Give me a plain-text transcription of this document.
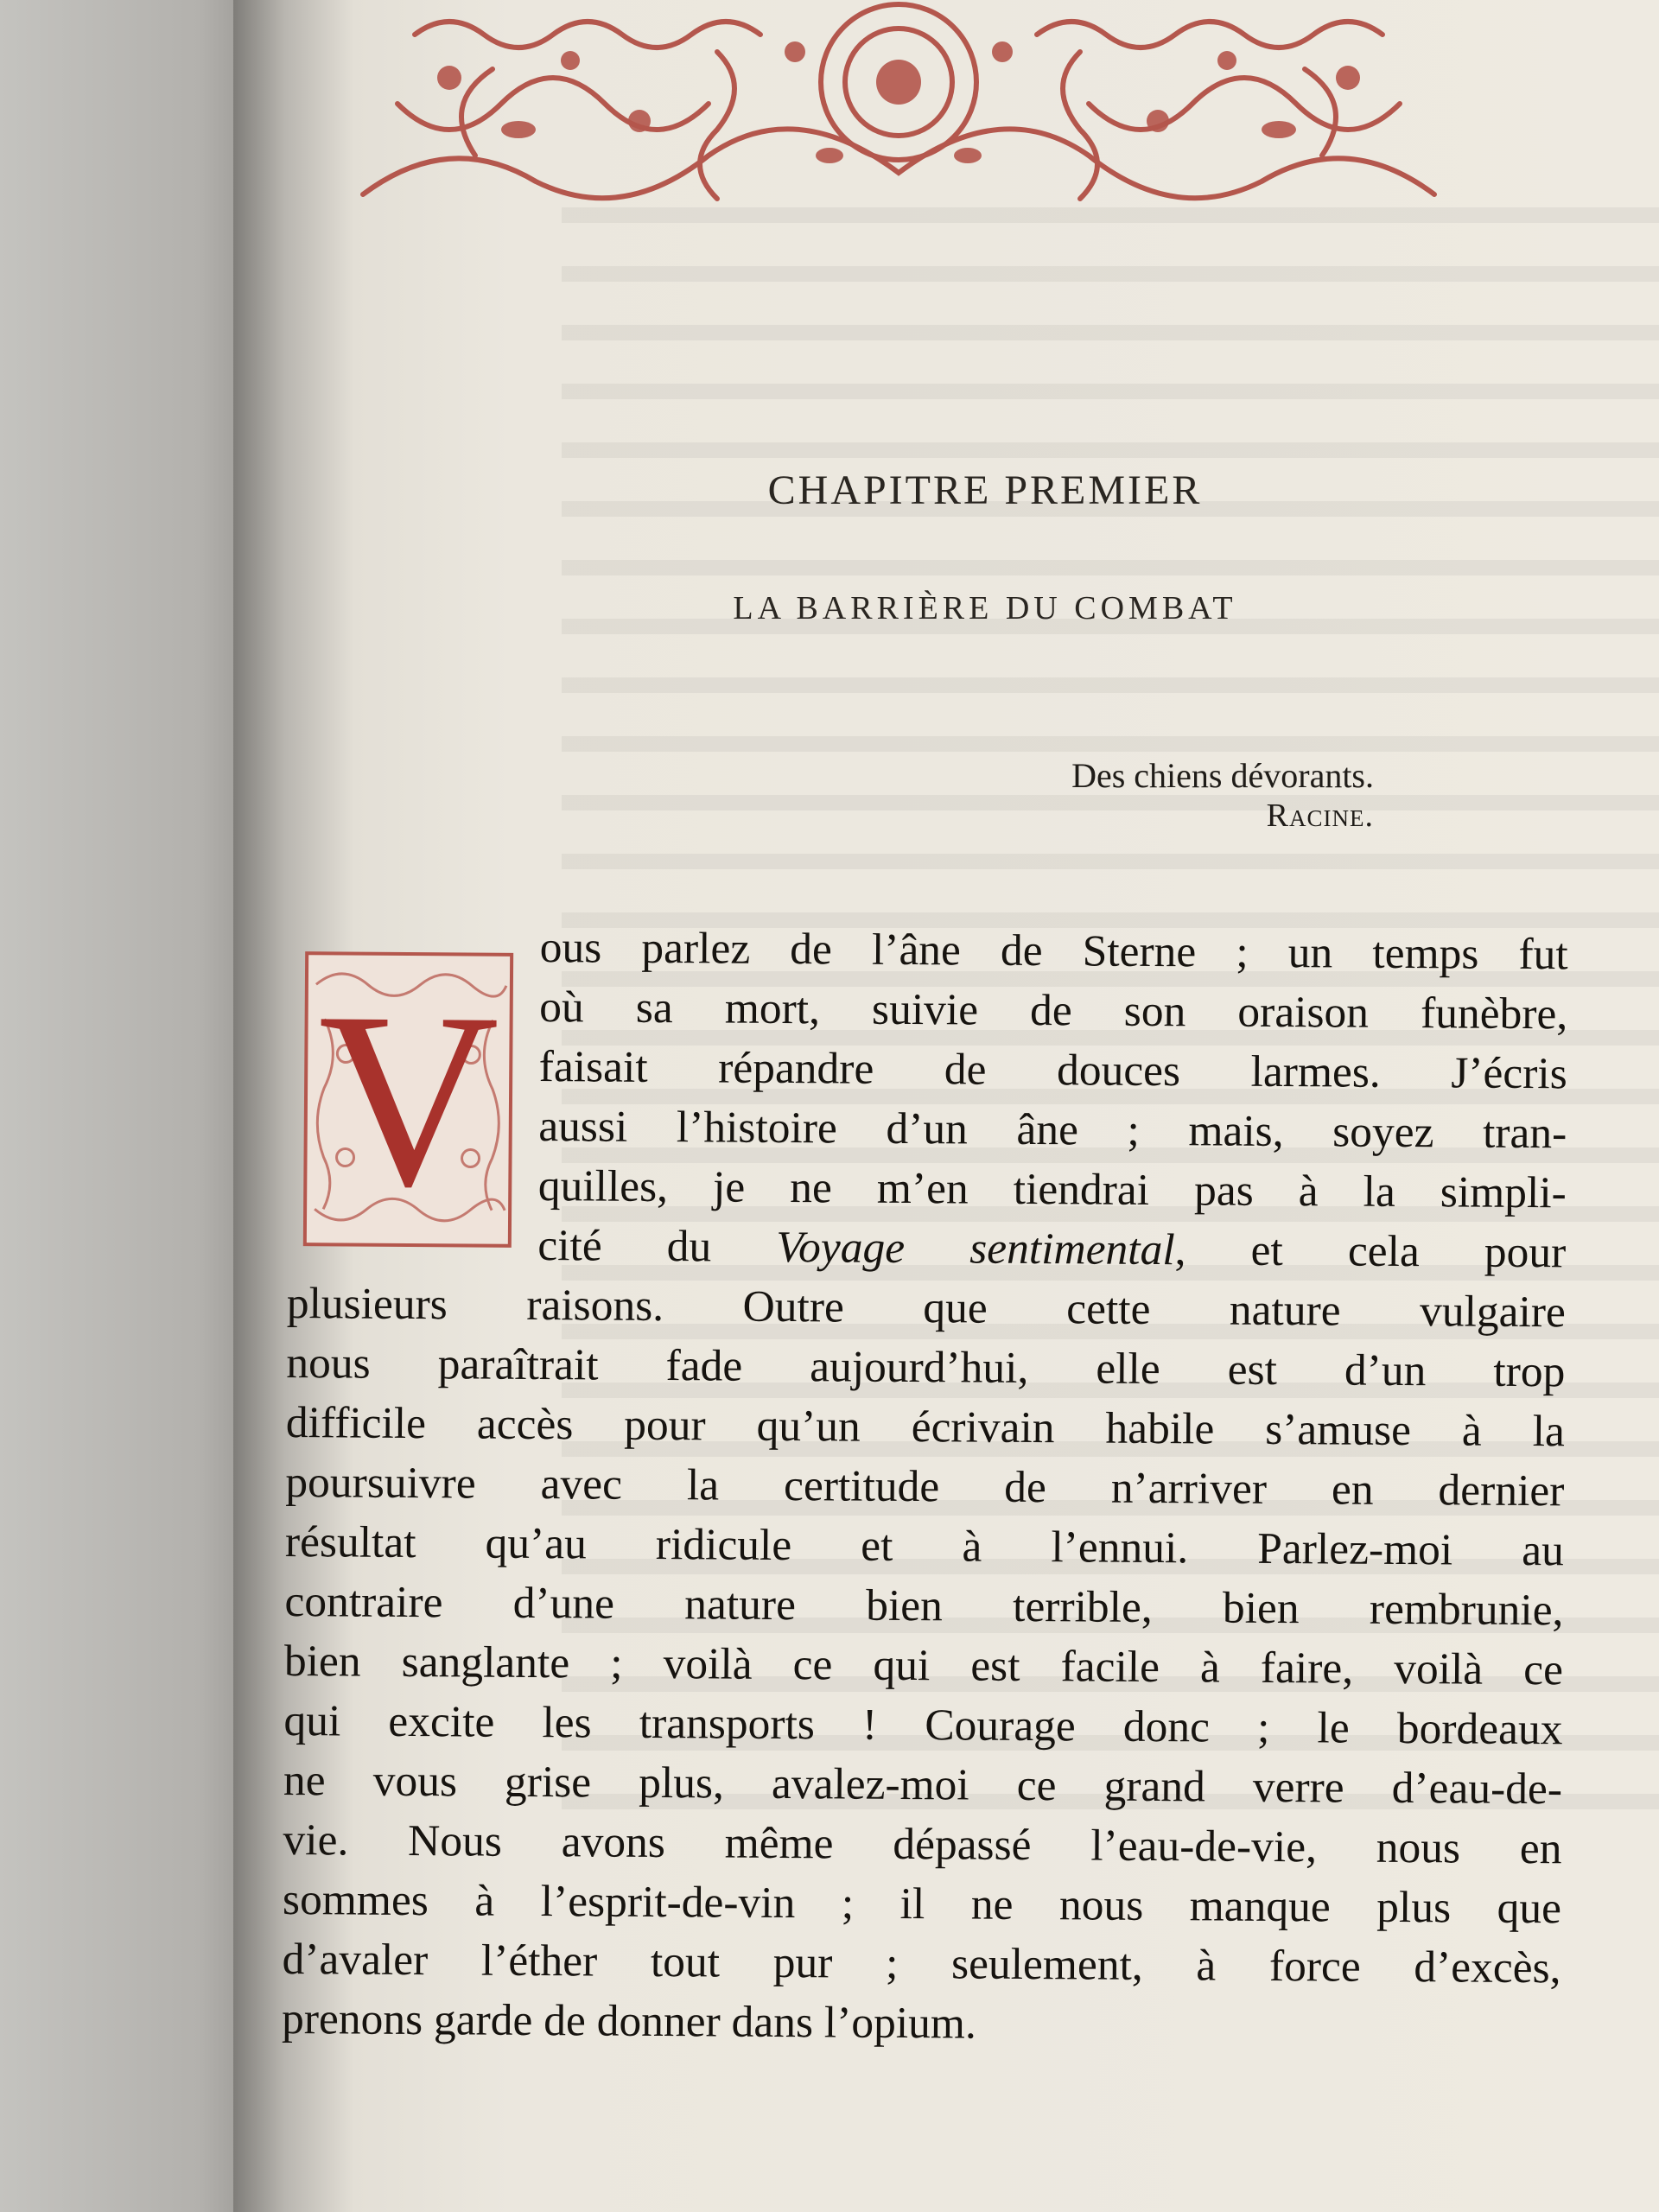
CHAPITRE PREMIER
LA BARRIÈRE DU COMBAT

Des chiens dévorants.

Racine.

V
ous parlez de l’âne de Sterne ; un temps fut
où sa mort, suivie de son oraison funèbre,
faisait répandre de douces larmes. J’écris
aussi l’histoire d’un âne ; mais, soyez tran-
quilles, je ne m’en tiendrai pas à la simpli-
cité du Voyage sentimental, et cela pour
plusieurs raisons. Outre que cette nature vulgaire
nous paraîtrait fade aujourd’hui, elle est d’un trop
difficile accès pour qu’un écrivain habile s’amuse à la
poursuivre avec la certitude de n’arriver en dernier
résultat qu’au ridicule et à l’ennui. Parlez-moi au
contraire d’une nature bien terrible, bien rembrunie,
bien sanglante ; voilà ce qui est facile à faire, voilà ce
qui excite les transports ! Courage donc ; le bordeaux
ne vous grise plus, avalez-moi ce grand verre d’eau-de-
vie. Nous avons même dépassé l’eau-de-vie, nous en
sommes à l’esprit-de-vin ; il ne nous manque plus que
d’avaler l’éther tout pur ; seulement, à force d’excès,
prenons garde de donner dans l’opium.
